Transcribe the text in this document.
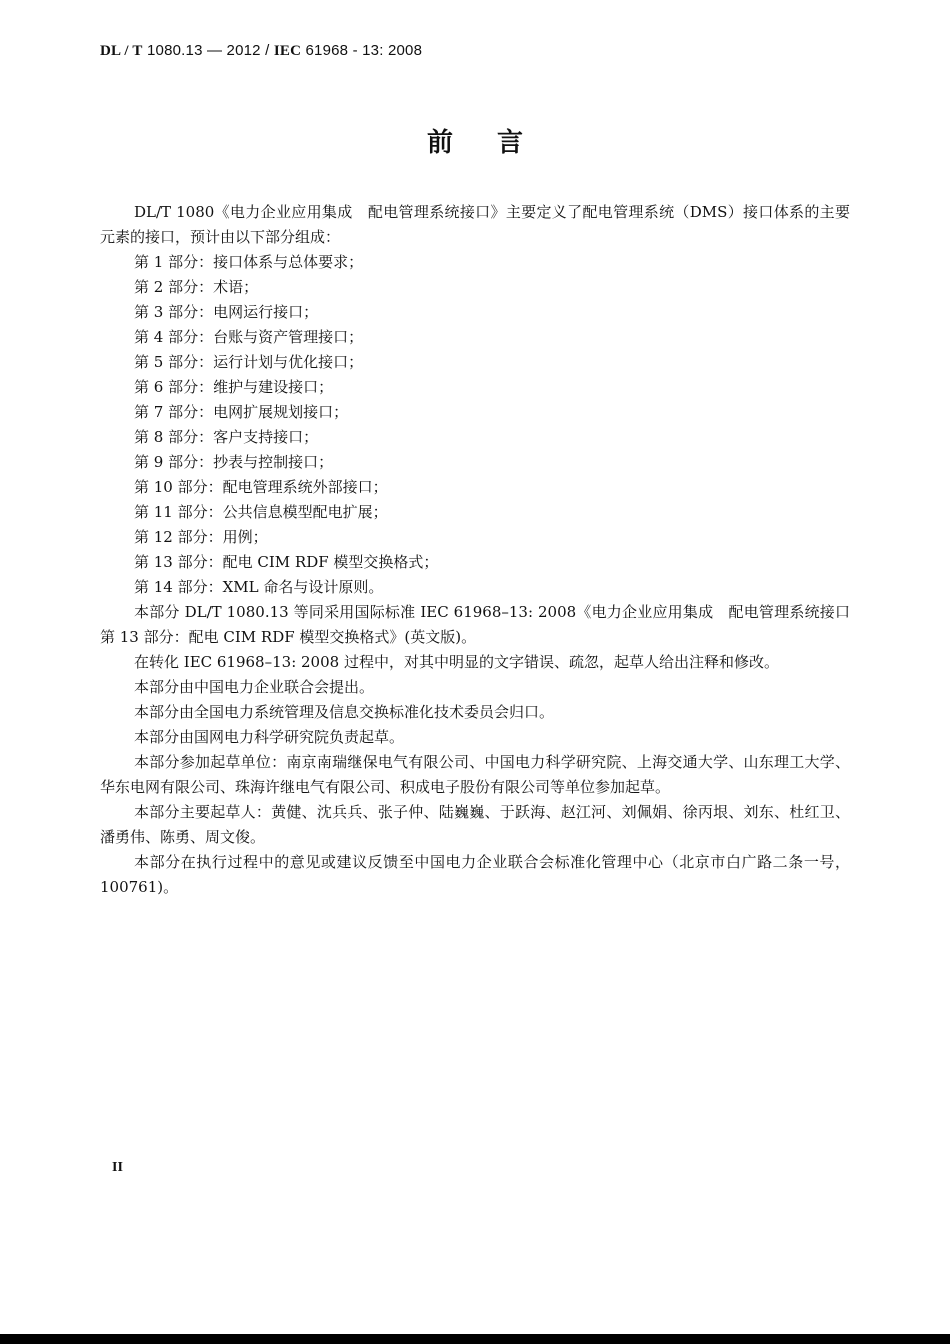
DL / T 1080.13 — 2012 / IEC 61968 - 13: 2008
前言

DL/T 1080《电力企业应用集成　配电管理系统接口》主要定义了配电管理系统（DMS）接口体系的主要元素的接口，预计由以下部分组成：

第 1 部分：接口体系与总体要求；

第 2 部分：术语；

第 3 部分：电网运行接口；

第 4 部分：台账与资产管理接口；

第 5 部分：运行计划与优化接口；

第 6 部分：维护与建设接口；

第 7 部分：电网扩展规划接口；

第 8 部分：客户支持接口；

第 9 部分：抄表与控制接口；

第 10 部分：配电管理系统外部接口；

第 11 部分：公共信息模型配电扩展；

第 12 部分：用例；

第 13 部分：配电 CIM RDF 模型交换格式；

第 14 部分：XML 命名与设计原则。

本部分 DL/T 1080.13 等同采用国际标准 IEC 61968–13: 2008《电力企业应用集成　配电管理系统接口　第 13 部分：配电 CIM RDF 模型交换格式》(英文版)。

在转化 IEC 61968–13: 2008 过程中，对其中明显的文字错误、疏忽，起草人给出注释和修改。

本部分由中国电力企业联合会提出。

本部分由全国电力系统管理及信息交换标准化技术委员会归口。

本部分由国网电力科学研究院负责起草。

本部分参加起草单位：南京南瑞继保电气有限公司、中国电力科学研究院、上海交通大学、山东理工大学、华东电网有限公司、珠海许继电气有限公司、积成电子股份有限公司等单位参加起草。

本部分主要起草人：黄健、沈兵兵、张子仲、陆巍巍、于跃海、赵江河、刘佩娟、徐丙垠、刘东、杜红卫、潘勇伟、陈勇、周文俊。

本部分在执行过程中的意见或建议反馈至中国电力企业联合会标准化管理中心（北京市白广路二条一号，100761)。

II
